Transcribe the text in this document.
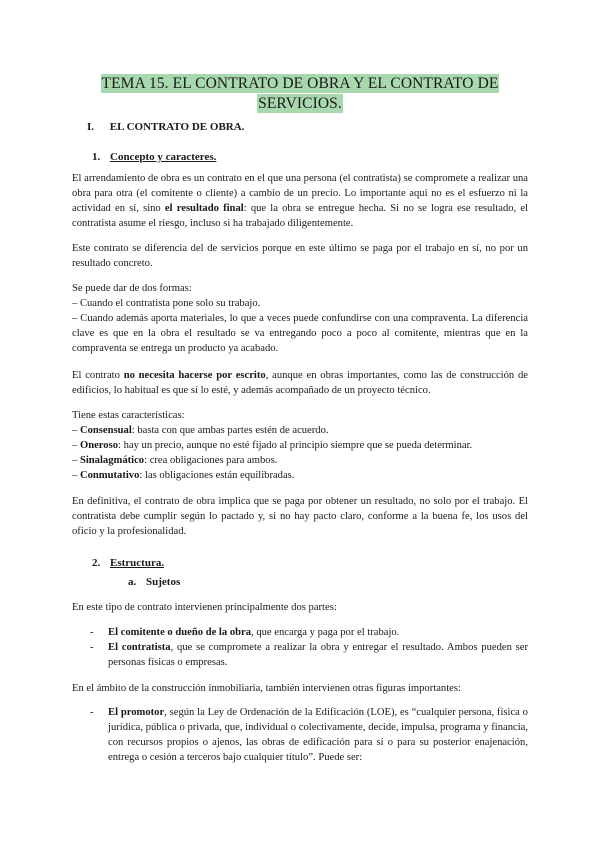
TEMA 15. EL CONTRATO DE OBRA Y EL CONTRATO DE
SERVICIOS.
I. EL CONTRATO DE OBRA.
1. Concepto y caracteres.

El arrendamiento de obra es un contrato en el que una persona (el contratista) se compromete a realizar una obra para otra (el comitente o cliente) a cambio de un precio. Lo importante aquí no es el esfuerzo ni la actividad en sí, sino el resultado final: que la obra se entregue hecha. Si no se logra ese resultado, el contratista asume el riesgo, incluso si ha trabajado diligentemente.

Este contrato se diferencia del de servicios porque en este último se paga por el trabajo en sí, no por un resultado concreto.

Se puede dar de dos formas:
– Cuando el contratista pone solo su trabajo.
– Cuando además aporta materiales, lo que a veces puede confundirse con una compraventa. La diferencia clave es que en la obra el resultado se va entregando poco a poco al comitente, mientras que en la compraventa se entrega un producto ya acabado.

El contrato no necesita hacerse por escrito, aunque en obras importantes, como las de construcción de edificios, lo habitual es que sí lo esté, y además acompañado de un proyecto técnico.

Tiene estas características:
– Consensual: basta con que ambas partes estén de acuerdo.
– Oneroso: hay un precio, aunque no esté fijado al principio siempre que se pueda determinar.
– Sinalagmático: crea obligaciones para ambos.
– Conmutativo: las obligaciones están equilibradas.

En definitiva, el contrato de obra implica que se paga por obtener un resultado, no solo por el trabajo. El contratista debe cumplir según lo pactado y, si no hay pacto claro, conforme a la buena fe, los usos del oficio y la profesionalidad.

2. Estructura.
a. Sujetos

En este tipo de contrato intervienen principalmente dos partes:

- El comitente o dueño de la obra, que encarga y paga por el trabajo.

- El contratista, que se compromete a realizar la obra y entregar el resultado. Ambos pueden ser personas físicas o empresas.

En el ámbito de la construcción inmobiliaria, también intervienen otras figuras importantes:

- El promotor, según la Ley de Ordenación de la Edificación (LOE), es “cualquier persona, física o jurídica, pública o privada, que, individual o colectivamente, decide, impulsa, programa y financia, con recursos propios o ajenos, las obras de edificación para sí o para su posterior enajenación, entrega o cesión a terceros bajo cualquier título”. Puede ser:
